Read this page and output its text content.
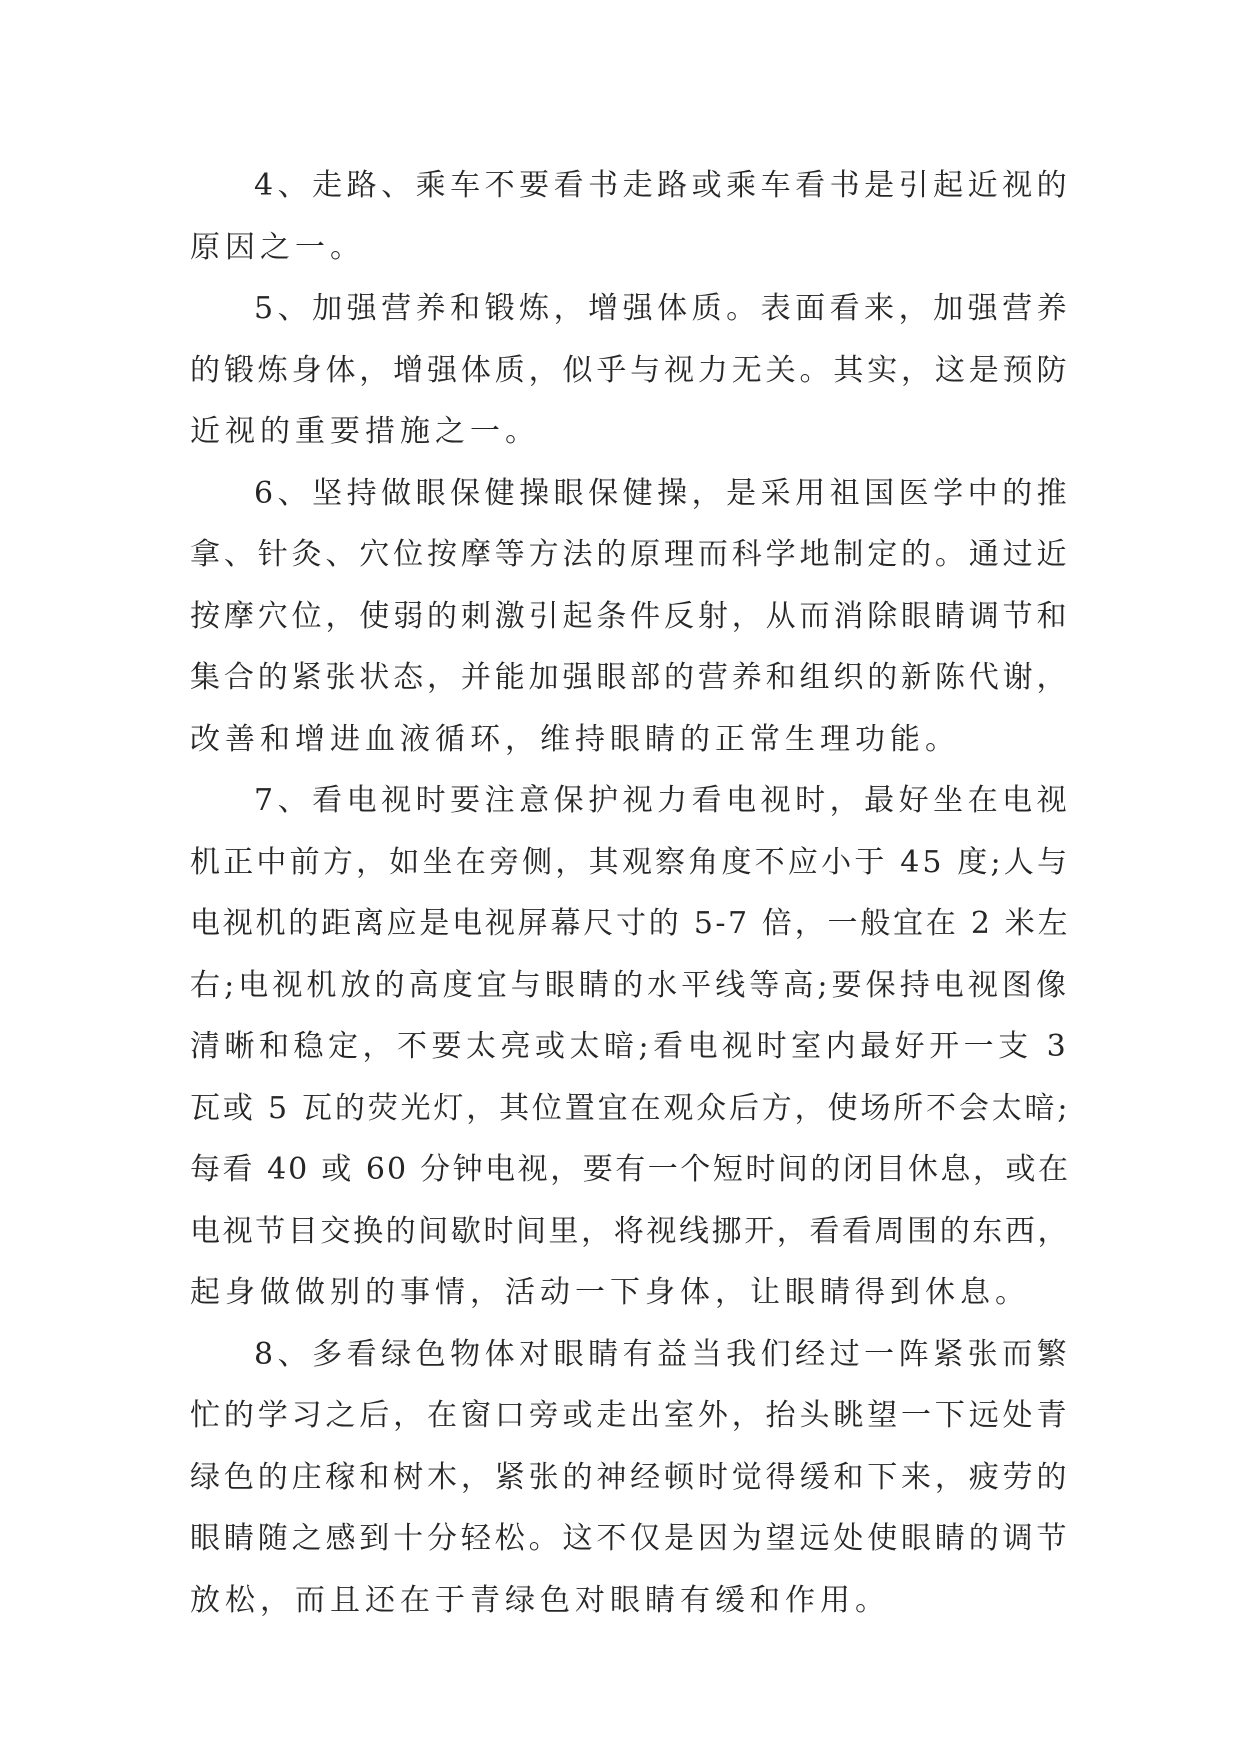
4、走路、乘车不要看书走路或乘车看书是引起近视的
原因之一。
5、加强营养和锻炼，增强体质。表面看来，加强营养
的锻炼身体，增强体质，似乎与视力无关。其实，这是预防
近视的重要措施之一。
6、坚持做眼保健操眼保健操，是采用祖国医学中的推
拿、针灸、穴位按摩等方法的原理而科学地制定的。通过近
按摩穴位，使弱的刺激引起条件反射，从而消除眼睛调节和
集合的紧张状态，并能加强眼部的营养和组织的新陈代谢，
改善和增进血液循环，维持眼睛的正常生理功能。
7、看电视时要注意保护视力看电视时，最好坐在电视
机正中前方，如坐在旁侧，其观察角度不应小于 45 度;人与
电视机的距离应是电视屏幕尺寸的 5-7 倍，一般宜在 2 米左
右;电视机放的高度宜与眼睛的水平线等高;要保持电视图像
清晰和稳定，不要太亮或太暗;看电视时室内最好开一支 3
瓦或 5 瓦的荧光灯，其位置宜在观众后方，使场所不会太暗;
每看 40 或 60 分钟电视，要有一个短时间的闭目休息，或在
电视节目交换的间歇时间里，将视线挪开，看看周围的东西，
起身做做别的事情，活动一下身体，让眼睛得到休息。
8、多看绿色物体对眼睛有益当我们经过一阵紧张而繁
忙的学习之后，在窗口旁或走出室外，抬头眺望一下远处青
绿色的庄稼和树木，紧张的神经顿时觉得缓和下来，疲劳的
眼睛随之感到十分轻松。这不仅是因为望远处使眼睛的调节
放松，而且还在于青绿色对眼睛有缓和作用。
